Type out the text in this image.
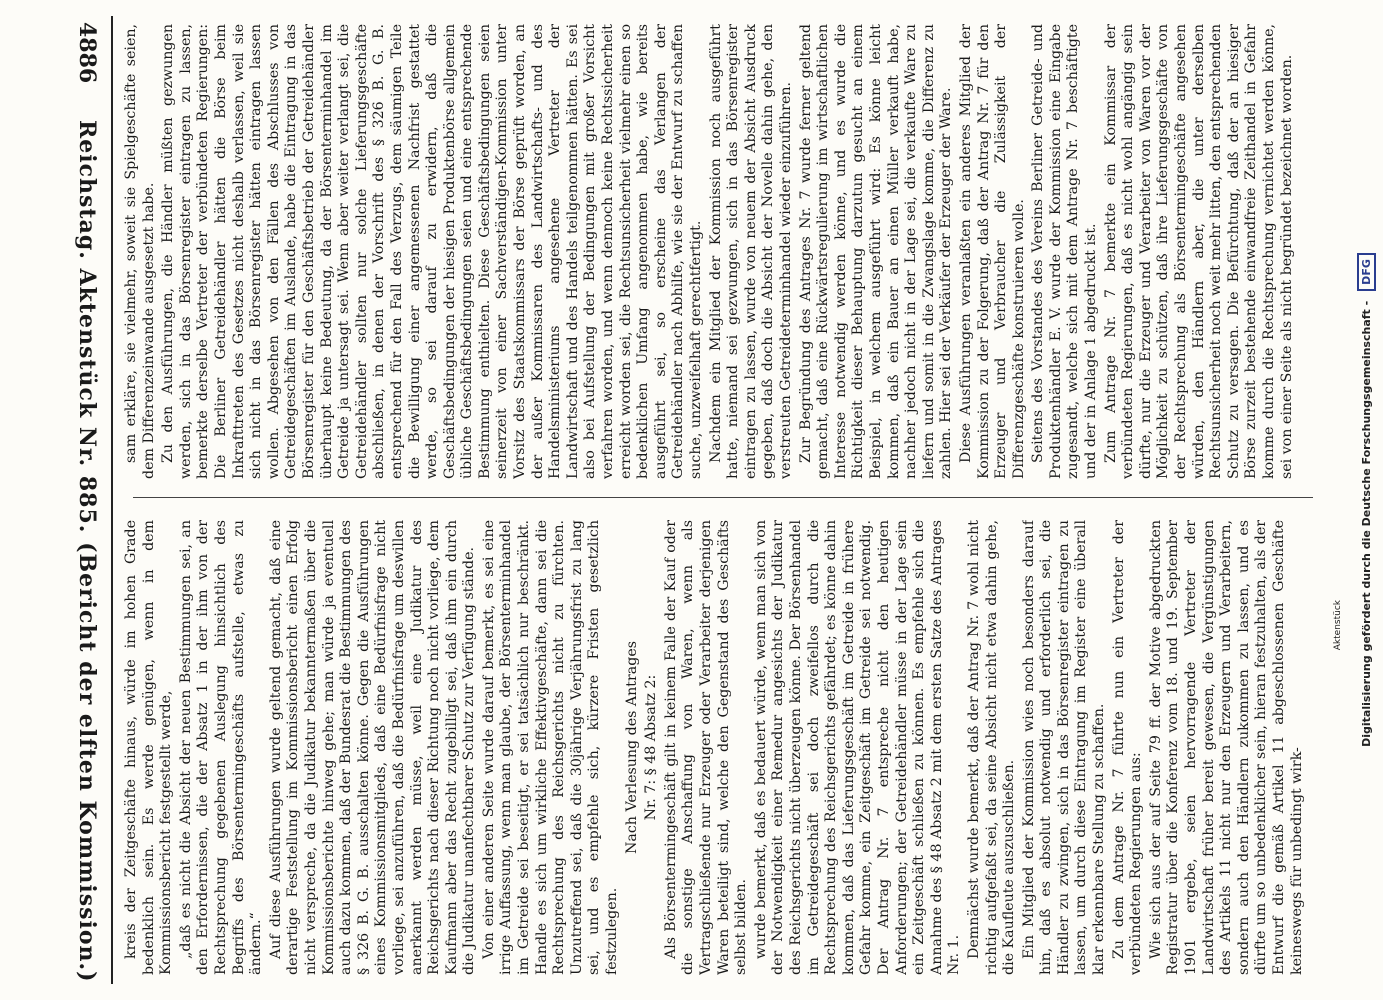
4886
Reichstag. Aktenstück Nr. 885. (Bericht der elften Kommission.) kreis der Zeitgeschäfte hinaus, würde im hohen Grade bedenklich sein. Es werde genügen, wenn in dem Kommissionsbericht festgestellt werde, „daß es nicht die Absicht der neuen Bestimmungen sei, an den Erfordernissen, die der Absatz 1 in der ihm von der Rechtsprechung gegebenen Auslegung hinsichtlich des Begriffs des Börsentermingeschäfts aufstelle, etwas zu ändern.“ Auf diese Ausführungen wurde geltend gemacht, daß eine derartige Feststellung im Kommissionsbericht einen Erfolg nicht verspreche, da die Judikatur bekanntermaßen über die Kommissionsberichte hinweg gehe; man würde ja eventuell auch dazu kommen, daß der Bundesrat die Bestimmungen des § 326 B. G. B. ausschalten könne. Gegen die Ausführungen eines Kommissionsmitglieds, daß eine Bedürfnisfrage nicht vorliege, sei anzuführen, daß die Bedürfnisfrage um deswillen anerkannt werden müsse, weil eine Judikatur des Reichsgerichts nach dieser Richtung noch nicht vorliege, dem Kaufmann aber das Recht zugebilligt sei, daß ihm ein durch die Judikatur unanfechtbarer Schutz zur Verfügung stände. Von einer anderen Seite wurde darauf bemerkt, es sei eine irrige Auffassung, wenn man glaube, der Börsenterminhandel im Getreide sei beseitigt, er sei tatsächlich nur beschränkt. Handle es sich um wirkliche Effektivgeschäfte, dann sei die Rechtsprechung des Reichsgerichts nicht zu fürchten. Unzutreffend sei, daß die 30jährige Verjährungsfrist zu lang sei, und es empfehle sich, kürzere Fristen gesetzlich festzulegen.

Nach Verlesung des Antrages Nr. 7: § 48 Absatz 2: Als Börsentermingeschäft gilt in keinem Falle der Kauf oder die sonstige Anschaffung von Waren, wenn als Vertragschließende nur Erzeuger oder Verarbeiter derjenigen Waren beteiligt sind, welche den Gegenstand des Geschäfts selbst bilden. wurde bemerkt, daß es bedauert würde, wenn man sich von der Notwendigkeit einer Remedur angesichts der Judikatur des Reichsgerichts nicht überzeugen könne. Der Börsenhandel im Getreidegeschäft sei doch zweifellos durch die Rechtsprechung des Reichsgerichts gefährdet; es könne dahin kommen, daß das Lieferungsgeschäft im Getreide in frühere Gefahr komme, ein Zeitgeschäft im Getreide sei notwendig. Der Antrag Nr. 7 entspreche nicht den heutigen Anforderungen; der Getreidehändler müsse in der Lage sein ein Zeitgeschäft schließen zu können. Es empfehle sich die Annahme des § 48 Absatz 2 mit dem ersten Satze des Antrages Nr. 1. Demnächst wurde bemerkt, daß der Antrag Nr. 7 wohl nicht richtig aufgefaßt sei, da seine Absicht nicht etwa dahin gehe, die Kaufleute auszuschließen. Ein Mitglied der Kommission wies noch besonders darauf hin, daß es absolut notwendig und erforderlich sei, die Händler zu zwingen, sich in das Börsenregister eintragen zu lassen, um durch diese Eintragung im Register eine überall klar erkennbare Stellung zu schaffen. Zu dem Antrage Nr. 7 führte nun ein Vertreter der verbündeten Regierungen aus: Wie sich aus der auf Seite 79 ff. der Motive abgedruckten Registratur über die Konferenz vom 18. und 19. September 1901 ergebe, seien hervorragende Vertreter der Landwirtschaft früher bereit gewesen, die Vergünstigungen des Artikels 11 nicht nur den Erzeugern und Verarbeitern, sondern auch den Händlern zukommen zu lassen, und es dürfte um so unbedenklicher sein, hieran festzuhalten, als der Entwurf die gemäß Artikel 11 abgeschlossenen Geschäfte keineswegs für unbedingt wirk-

sam erkläre, sie vielmehr, soweit sie Spielgeschäfte seien, dem Differenzeinwande ausgesetzt habe. Zu den Ausführungen, die Händler müßten gezwungen werden, sich in das Börsenregister eintragen zu lassen, bemerkte derselbe Vertreter der verbündeten Regierungen: Die Berliner Getreidehändler hätten die Börse beim Inkrafttreten des Gesetzes nicht deshalb verlassen, weil sie sich nicht in das Börsenregister hätten eintragen lassen wollen. Abgesehen von den Fällen des Abschlusses von Getreidegeschäften im Auslande, habe die Eintragung in das Börsenregister für den Geschäftsbetrieb der Getreidehändler überhaupt keine Bedeutung, da der Börsenterminhandel im Getreide ja untersagt sei. Wenn aber weiter verlangt sei, die Getreidehändler sollten nur solche Lieferungsgeschäfte abschließen, in denen der Vorschrift des § 326 B. G. B. entsprechend für den Fall des Verzugs, dem säumigen Teile die Bewilligung einer angemessenen Nachfrist gestattet werde, so sei darauf zu erwidern, daß die Geschäftsbedingungen der hiesigen Produktenbörse allgemein übliche Geschäftsbedingungen seien und eine entsprechende Bestimmung enthielten. Diese Geschäftsbedingungen seien seinerzeit von einer Sachverständigen-Kommission unter Vorsitz des Staatskommissars der Börse geprüft worden, an der außer Kommissaren des Landwirtschafts- und des Handelsministeriums angesehene Vertreter der Landwirtschaft und des Handels teilgenommen hätten. Es sei also bei Aufstellung der Bedingungen mit großer Vorsicht verfahren worden, und wenn dennoch keine Rechtssicherheit erreicht worden sei, die Rechtsunsicherheit vielmehr einen so bedenklichen Umfang angenommen habe, wie bereits ausgeführt sei, so erscheine das Verlangen der Getreidehändler nach Abhilfe, wie sie der Entwurf zu schaffen suche, unzweifelhaft gerechtfertigt. Nachdem ein Mitglied der Kommission noch ausgeführt hatte, niemand sei gezwungen, sich in das Börsenregister eintragen zu lassen, wurde von neuem der Absicht Ausdruck gegeben, daß doch die Absicht der Novelle dahin gehe, den verstreuten Getreideterminhandel wieder einzuführen. Zur Begründung des Antrages Nr. 7 wurde ferner geltend gemacht, daß eine Rückwärtsregulierung im wirtschaftlichen Interesse notwendig werden könne, und es wurde die Richtigkeit dieser Behauptung darzutun gesucht an einem Beispiel, in welchem ausgeführt wird: Es könne leicht kommen, daß ein Bauer an einen Müller verkauft habe, nachher jedoch nicht in der Lage sei, die verkaufte Ware zu liefern und somit in die Zwangslage komme, die Differenz zu zahlen. Hier sei der Verkäufer der Erzeuger der Ware. Diese Ausführungen veranlaßten ein anderes Mitglied der Kommission zu der Folgerung, daß der Antrag Nr. 7 für den Erzeuger und Verbraucher die Zulässigkeit der Differenzgeschäfte konstruieren wolle. Seitens des Vorstandes des Vereins Berliner Getreide- und Produktenhändler E. V. wurde der Kommission eine Eingabe zugesandt, welche sich mit dem Antrage Nr. 7 beschäftigte und der in Anlage 1 abgedruckt ist. Zum Antrage Nr. 7 bemerkte ein Kommissar der verbündeten Regierungen, daß es nicht wohl angängig sein dürfte, nur die Erzeuger und Verarbeiter von Waren vor der Möglichkeit zu schützen, daß ihre Lieferungsgeschäfte von der Rechtsprechung als Börsentermingeschäfte angesehen würden, den Händlern aber, die unter derselben Rechtsunsicherheit noch weit mehr litten, den entsprechenden Schutz zu versagen. Die Befürchtung, daß der an hiesiger Börse zurzeit bestehende einwandfreie Zeithandel in Gefahr komme durch die Rechtsprechung vernichtet werden könne, sei von einer Seite als nicht begründet bezeichnet worden.

Aktenstück Digitalisierung gefördert durch die Deutsche Forschungsgemeinschaft -
DFG
